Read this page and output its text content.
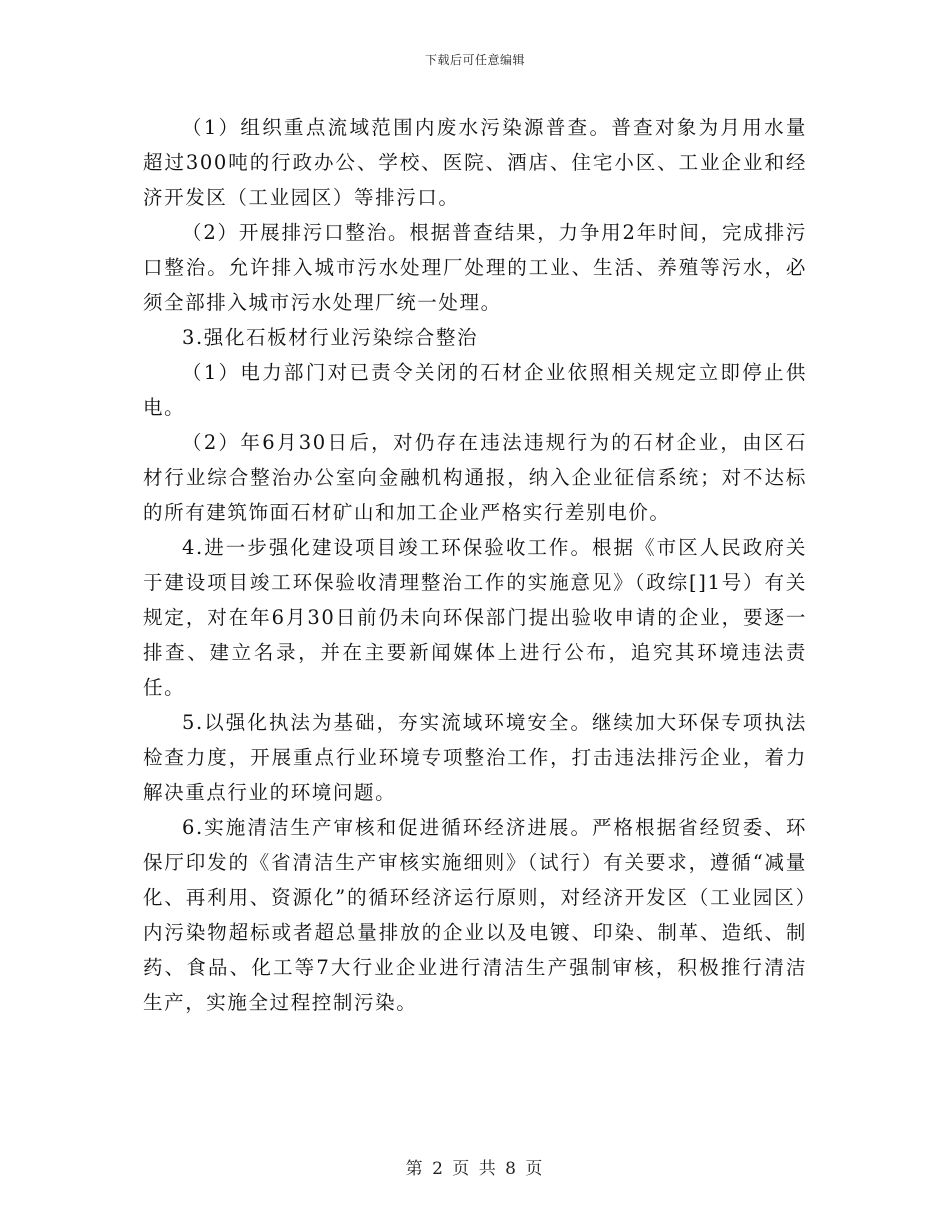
下载后可任意编辑

（1）组织重点流域范围内废水污染源普查。普查对象为月用水量超过300吨的行政办公、学校、医院、酒店、住宅小区、工业企业和经济开发区（工业园区）等排污口。

（2）开展排污口整治。根据普查结果，力争用2年时间，完成排污口整治。允许排入城市污水处理厂处理的工业、生活、养殖等污水，必须全部排入城市污水处理厂统一处理。

3.强化石板材行业污染综合整治

（1）电力部门对已责令关闭的石材企业依照相关规定立即停止供电。

（2）年6月30日后，对仍存在违法违规行为的石材企业，由区石材行业综合整治办公室向金融机构通报，纳入企业征信系统；对不达标的所有建筑饰面石材矿山和加工企业严格实行差别电价。

4.进一步强化建设项目竣工环保验收工作。根据《市区人民政府关于建设项目竣工环保验收清理整治工作的实施意见》（政综[]1号）有关规定，对在年6月30日前仍未向环保部门提出验收申请的企业，要逐一排查、建立名录，并在主要新闻媒体上进行公布，追究其环境违法责任。

5.以强化执法为基础，夯实流域环境安全。继续加大环保专项执法检查力度，开展重点行业环境专项整治工作，打击违法排污企业，着力解决重点行业的环境问题。

6.实施清洁生产审核和促进循环经济进展。严格根据省经贸委、环保厅印发的《省清洁生产审核实施细则》（试行）有关要求，遵循“减量化、再利用、资源化”的循环经济运行原则，对经济开发区（工业园区）内污染物超标或者超总量排放的企业以及电镀、印染、制革、造纸、制药、食品、化工等7大行业企业进行清洁生产强制审核，积极推行清洁生产，实施全过程控制污染。

第 2 页 共 8 页
